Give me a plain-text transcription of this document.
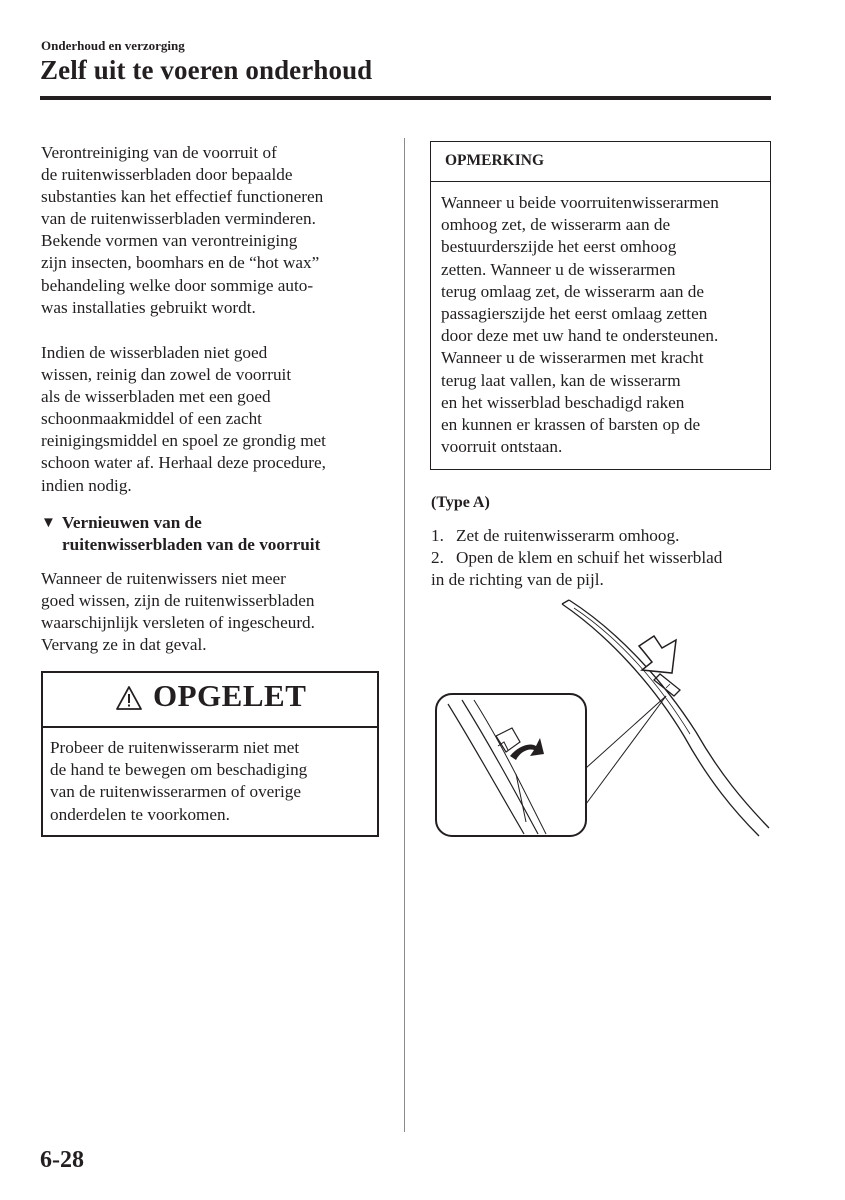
Onderhoud en verzorging
Zelf uit te voeren onderhoud
Verontreiniging van de voorruit of
de ruitenwisserbladen door bepaalde
substanties kan het effectief functioneren
van de ruitenwisserbladen verminderen.
Bekende vormen van verontreiniging
zijn insecten, boomhars en de “hot wax”
behandeling welke door sommige auto-
was installaties gebruikt wordt.
Indien de wisserbladen niet goed
wissen, reinig dan zowel de voorruit
als de wisserbladen met een goed
schoonmaakmiddel of een zacht
reinigingsmiddel en spoel ze grondig met
schoon water af. Herhaal deze procedure,
indien nodig.
▼ Vernieuwen van de
ruitenwisserbladen van de voorruit
Wanneer de ruitenwissers niet meer
goed wissen, zijn de ruitenwisserbladen
waarschijnlijk versleten of ingescheurd.
Vervang ze in dat geval.
OPGELET
Probeer de ruitenwisserarm niet met
de hand te bewegen om beschadiging
van de ruitenwisserarmen of overige
onderdelen te voorkomen.
OPMERKING
Wanneer u beide voorruitenwisserarmen
omhoog zet, de wisserarm aan de
bestuurderszijde het eerst omhoog
zetten. Wanneer u de wisserarmen
terug omlaag zet, de wisserarm aan de
passagierszijde het eerst omlaag zetten
door deze met uw hand te ondersteunen.
Wanneer u de wisserarmen met kracht
terug laat vallen, kan de wisserarm
en het wisserblad beschadigd raken
en kunnen er krassen of barsten op de
voorruit ontstaan.
(Type A)
1. Zet de ruitenwisserarm omhoog.
2. Open de klem en schuif het wisserblad
in de richting van de pijl.
6-28
